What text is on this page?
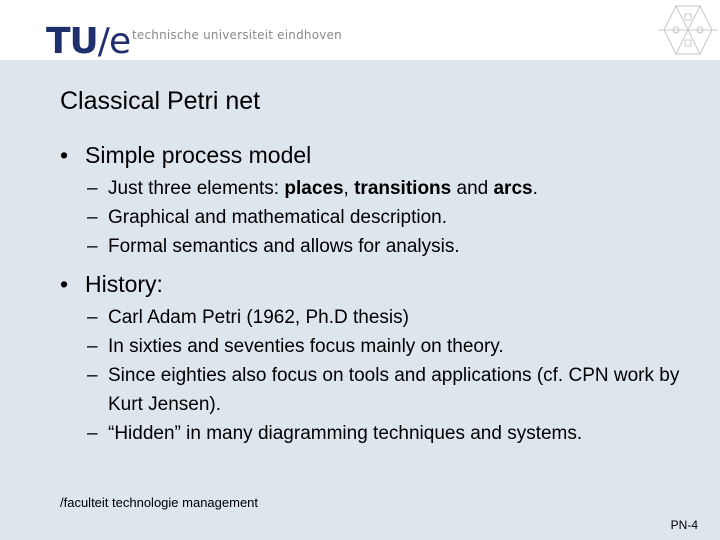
TU/e technische universiteit eindhoven
Classical Petri net
• Simple process model
– Just three elements: places, transitions and arcs.
– Graphical and mathematical description.
– Formal semantics and allows for analysis.
• History:
– Carl Adam Petri (1962, Ph.D thesis)
– In sixties and seventies focus mainly on theory.
– Since eighties also focus on tools and applications (cf. CPN work by Kurt Jensen).
– “Hidden” in many diagramming techniques and systems.
/faculteit technologie management
PN-4
